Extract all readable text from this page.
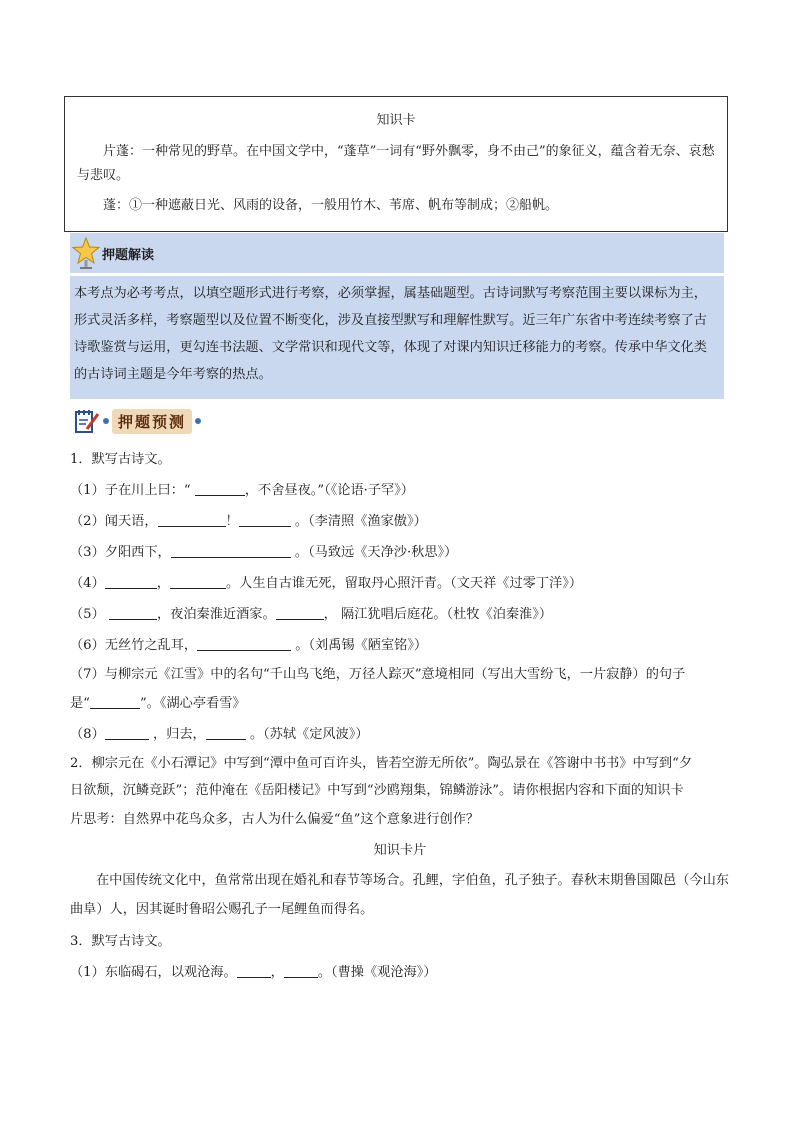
知识卡

片蓬：一种常见的野草。在中国文学中，“蓬草”一词有“野外飘零，身不由己”的象征义，蕴含着无奈、哀愁与悲叹。

蓬：①一种遮蔽日光、风雨的设备，一般用竹木、苇席、帆布等制成；②船帆。

押题解读
本考点为必考考点，以填空题形式进行考察，必须掌握，属基础题型。古诗词默写考察范围主要以课标为主，形式灵活多样，考察题型以及位置不断变化，涉及直接型默写和理解性默写。近三年广东省中考连续考察了古诗歌鉴赏与运用，更勾连书法题、文学常识和现代文等，体现了对课内知识迁移能力的考察。传承中华文化类的古诗词主题是今年考察的热点。
押题预测
1．默写古诗文。
（1）子在川上曰：“	，不舍昼夜。”（《论语·子罕》）
（2）闻天语，	！	。（李清照《渔家傲》）
（3）夕阳西下，	。（马致远《天净沙·秋思》）
（4）	，	。人生自古谁无死，留取丹心照汗青。（文天祥《过零丁洋》）
（5）	，夜泊秦淮近酒家。	， 隔江犹唱后庭花。（杜牧《泊秦淮》）
（6）无丝竹之乱耳，	。（刘禹锡《陋室铭》）
（7）与柳宗元《江雪》中的名句“千山鸟飞绝，万径人踪灭”意境相同（写出大雪纷飞，一片寂静）的句子
是“	”。《湖心亭看雪》
（8）	，归去，	。（苏轼《定风波》）
2．柳宗元在《小石潭记》中写到“潭中鱼可百许头，皆若空游无所依”。陶弘景在《答谢中书书》中写到“夕
日欲颓，沉鳞竞跃”；范仲淹在《岳阳楼记》中写到“沙鸥翔集，锦鳞游泳”。请你根据内容和下面的知识卡
片思考：自然界中花鸟众多，古人为什么偏爱“鱼”这个意象进行创作？
知识卡片
在中国传统文化中，鱼常常出现在婚礼和春节等场合。孔鲤，字伯鱼，孔子独子。春秋末期鲁国陬邑（今山东曲阜）人，因其诞时鲁昭公赐孔子一尾鲤鱼而得名。
3．默写古诗文。
（1）东临碣石，以观沧海。	，	。（曹操《观沧海》）
